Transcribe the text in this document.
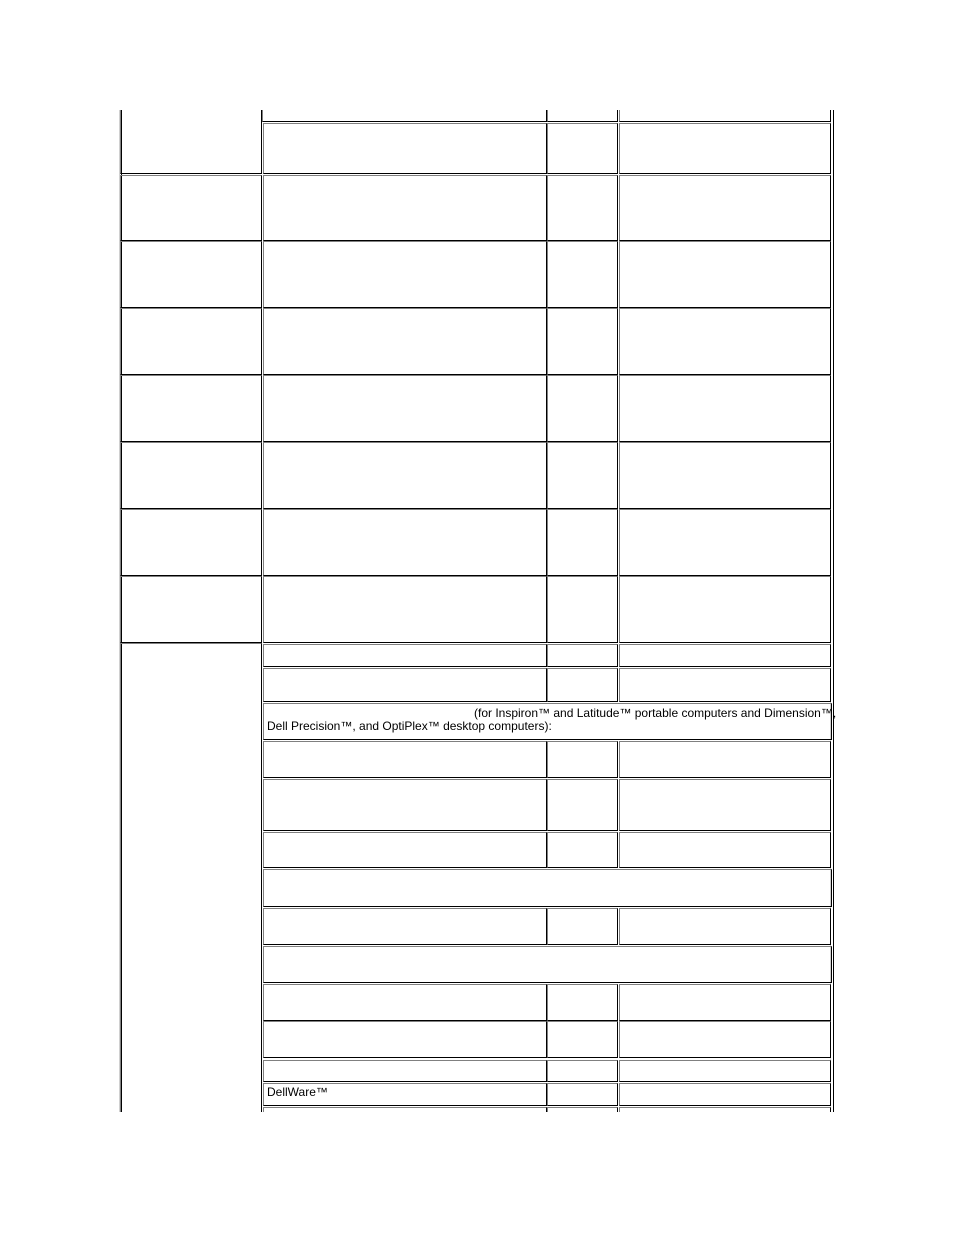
(for Inspiron™ and Latitude™ portable computers and Dimension™,
Dell Precision™, and OptiPlex™ desktop computers):
DellWare™
